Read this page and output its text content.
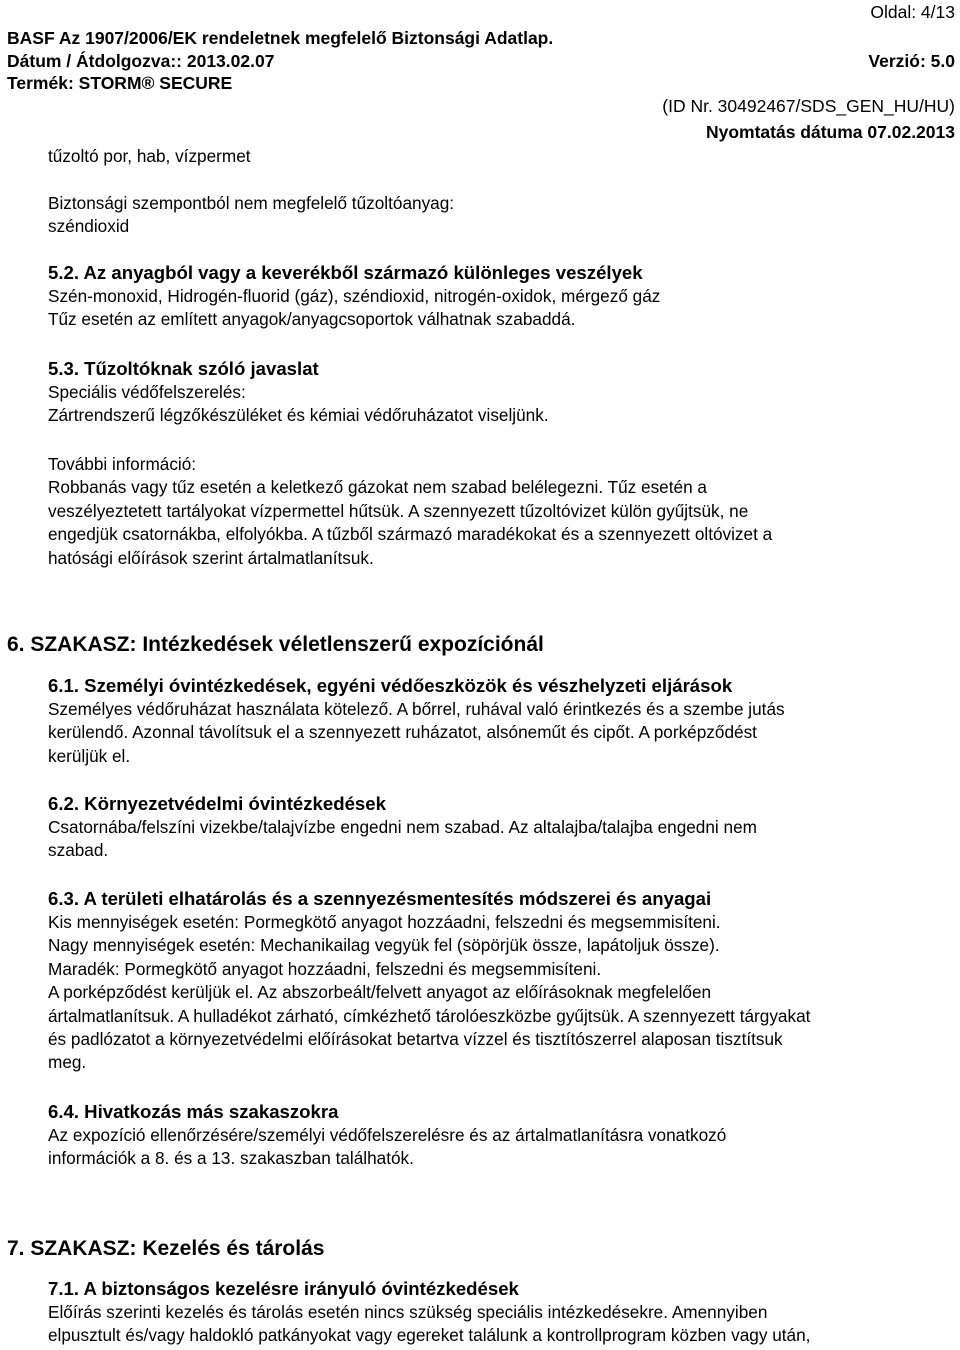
Oldal: 4/13
BASF Az 1907/2006/EK rendeletnek megfelelő Biztonsági Adatlap.
Dátum / Átdolgozva:: 2013.02.07	Verzió: 5.0
Termék: STORM® SECURE
(ID Nr. 30492467/SDS_GEN_HU/HU)
Nyomtatás dátuma 07.02.2013

tűzoltó por, hab, vízpermet

Biztonsági szempontból nem megfelelő tűzoltóanyag:

széndioxid

5.2. Az anyagból vagy a keverékből származó különleges veszélyek

Szén-monoxid, Hidrogén-fluorid (gáz), széndioxid, nitrogén-oxidok, mérgező gáz

Tűz esetén az említett anyagok/anyagcsoportok válhatnak szabaddá.

5.3. Tűzoltóknak szóló javaslat

Speciális védőfelszerelés:

Zártrendszerű légzőkészüléket és kémiai védőruházatot viseljünk.

További információ:

Robbanás vagy tűz esetén a keletkező gázokat nem szabad belélegezni. Tűz esetén a

veszélyeztetett tartályokat vízpermettel hűtsük. A szennyezett tűzoltóvizet külön gyűjtsük, ne

engedjük csatornákba, elfolyókba. A tűzből származó maradékokat és a szennyezett oltóvizet a

hatósági előírások szerint ártalmatlanítsuk.

6. SZAKASZ: Intézkedések véletlenszerű expozíciónál

6.1. Személyi óvintézkedések, egyéni védőeszközök és vészhelyzeti eljárások

Személyes védőruházat használata kötelező. A bőrrel, ruhával való érintkezés és a szembe jutás

kerülendő. Azonnal távolítsuk el a szennyezett ruházatot, alsóneműt és cipőt. A porképződést

kerüljük el.

6.2. Környezetvédelmi óvintézkedések

Csatornába/felszíni vizekbe/talajvízbe engedni nem szabad. Az altalajba/talajba engedni nem

szabad.

6.3. A területi elhatárolás és a szennyezésmentesítés módszerei és anyagai

Kis mennyiségek esetén: Pormegkötő anyagot hozzáadni, felszedni és megsemmisíteni.

Nagy mennyiségek esetén: Mechanikailag vegyük fel (söpörjük össze, lapátoljuk össze).

Maradék: Pormegkötő anyagot hozzáadni, felszedni és megsemmisíteni.

A porképződést kerüljük el. Az abszorbeált/felvett anyagot az előírásoknak megfelelően

ártalmatlanítsuk. A hulladékot zárható, címkézhető tárolóeszközbe gyűjtsük. A szennyezett tárgyakat

és padlózatot a környezetvédelmi előírásokat betartva vízzel és tisztítószerrel alaposan tisztítsuk

meg.

6.4. Hivatkozás más szakaszokra

Az expozíció ellenőrzésére/személyi védőfelszerelésre és az ártalmatlanításra vonatkozó

információk a 8. és a 13. szakaszban találhatók.

7. SZAKASZ: Kezelés és tárolás

7.1. A biztonságos kezelésre irányuló óvintézkedések

Előírás szerinti kezelés és tárolás esetén nincs szükség speciális intézkedésekre. Amennyiben

elpusztult és/vagy haldokló patkányokat vagy egereket találunk a kontrollprogram közben vagy után,
